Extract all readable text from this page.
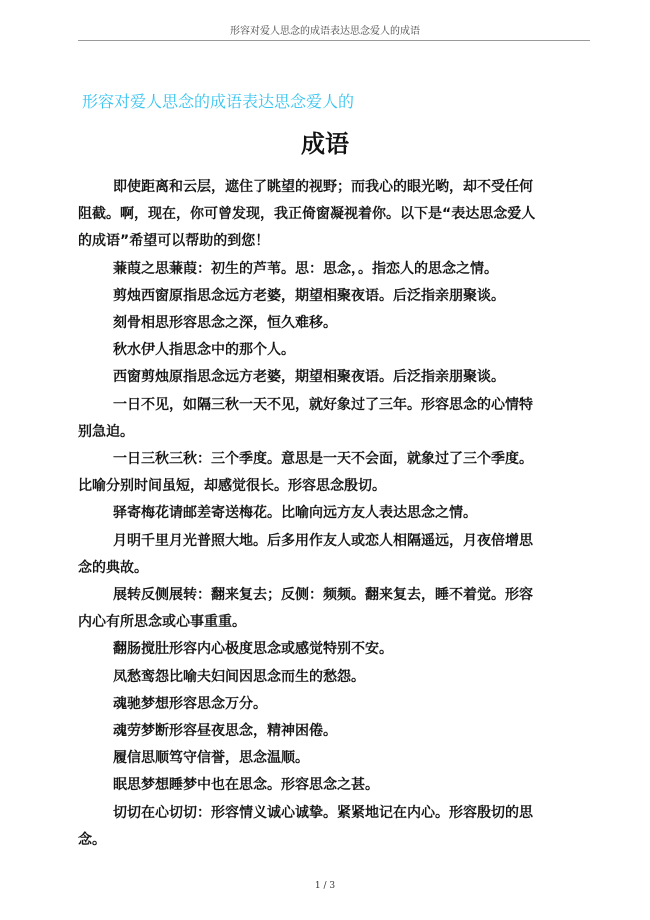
形容对爱人思念的成语表达思念爱人的成语
形容对爱人思念的成语表达思念爱人的
成语

即使距离和云层，遮住了眺望的视野；而我心的眼光哟，却不受任何阻截。啊，现在，你可曾发现，我正倚窗凝视着你。以下是“表达思念爱人的成语”希望可以帮助的到您！

蒹葭之思蒹葭：初生的芦苇。思：思念，。指恋人的思念之情。

剪烛西窗原指思念远方老婆，期望相聚夜语。后泛指亲朋聚谈。

刻骨相思形容思念之深，恒久难移。

秋水伊人指思念中的那个人。

西窗剪烛原指思念远方老婆，期望相聚夜语。后泛指亲朋聚谈。

一日不见，如隔三秋一天不见，就好象过了三年。形容思念的心情特别急迫。

一日三秋三秋：三个季度。意思是一天不会面，就象过了三个季度。比喻分别时间虽短，却感觉很长。形容思念殷切。

驿寄梅花请邮差寄送梅花。比喻向远方友人表达思念之情。

月明千里月光普照大地。后多用作友人或恋人相隔遥远，月夜倍增思念的典故。

展转反侧展转：翻来复去；反侧：频频。翻来复去，睡不着觉。形容内心有所思念或心事重重。

翻肠搅肚形容内心极度思念或感觉特别不安。

凤愁鸾怨比喻夫妇间因思念而生的愁怨。

魂驰梦想形容思念万分。

魂劳梦断形容昼夜思念，精神困倦。

履信思顺笃守信誉，思念温顺。

眠思梦想睡梦中也在思念。形容思念之甚。

切切在心切切：形容情义诚心诚挚。紧紧地记在内心。形容殷切的思念。

1 / 3
